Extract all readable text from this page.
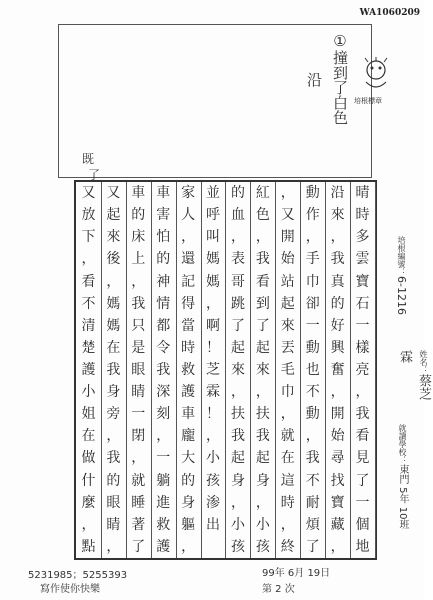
WA1060209
培根標章
①撞到了白色
沿
培根編號：6-1216
姓名：蔡芝霖
就讀學校：東門 5年 10班
既
了
晴
時
多
雲
寶
石
一
樣
亮
，
我
看
見
了
一
個
地
沿
來
，
我
真
的
好
興
奮
，
開
始
尋
找
寶
藏
，
動
作
，
手
巾
卻
一
動
也
不
動
，
我
不
耐
煩
了
，
又
開
始
站
起
來
丟
毛
巾
，
就
在
這
時
，
終
紅
色
，
我
看
到
了
起
來
，
扶
我
起
身
，
小
孩
的
血
，
表
哥
跳
了
起
來
，
扶
我
起
身
，
小
孩
並
呼
叫
媽
媽
，
啊
！
芝
霖
！
，
小
孩
渗
出
家
人
，
還
記
得
當
時
救
護
車
龐
大
的
身
軀
，
車
害
怕
的
神
情
都
令
我
深
刻
，
一
躺
進
救
護
車
的
床
上
，
我
只
是
眼
睛
一
閉
，
就
睡
著
了
又
起
來
後
，
媽
媽
在
我
身
旁
，
我
的
眼
睛
，
又
放
下
，
看
不
清
楚
護
小
姐
在
做
什
麼
，
點
5231985；5255393
寫作使你快樂
99年 6月 19日
第 2 次
